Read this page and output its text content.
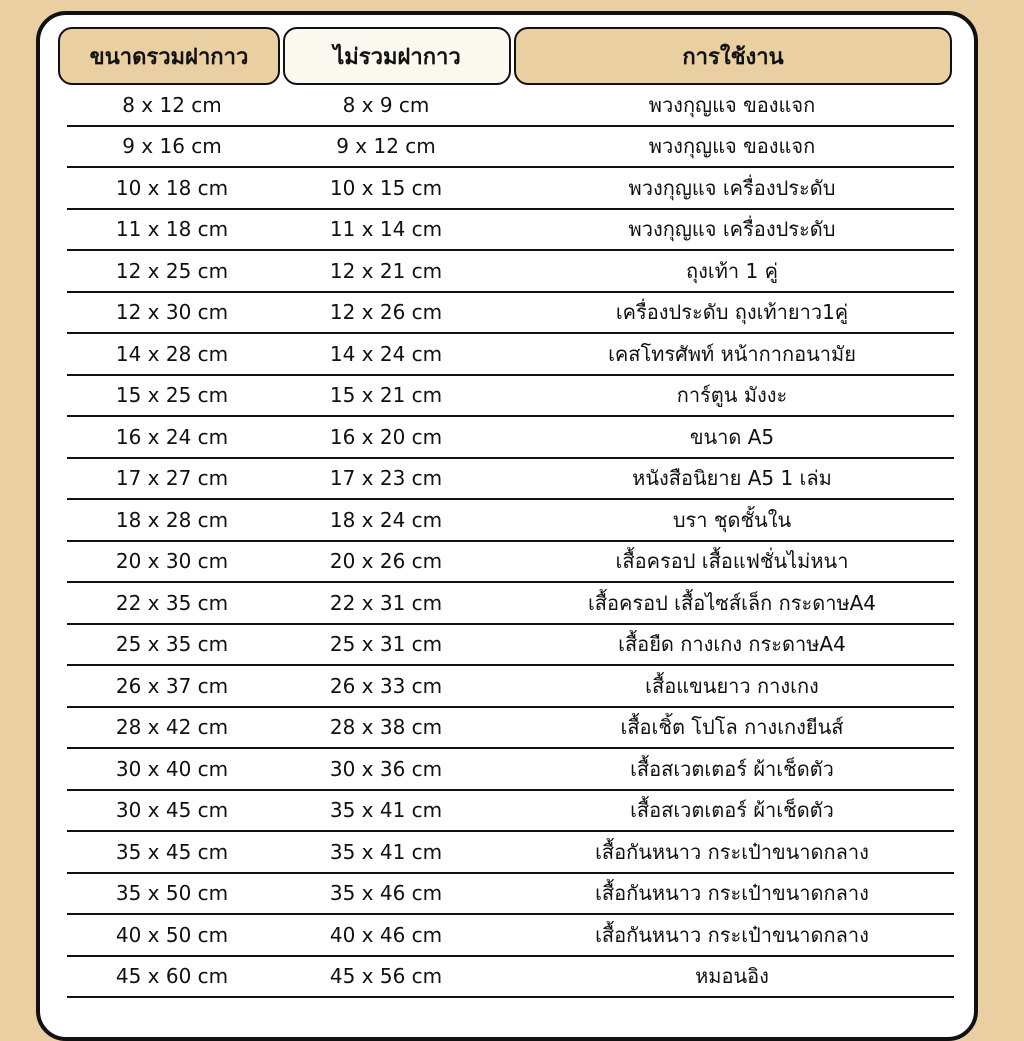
ขนาดรวมฝากาว	ไม่รวมฝากาว	การใช้งาน
8 x 12 cm	8 x 9 cm	พวงกุญแจ ของแจก
9 x 16 cm	9 x 12 cm	พวงกุญแจ ของแจก
10 x 18 cm	10 x 15 cm	พวงกุญแจ เครื่องประดับ
11 x 18 cm	11 x 14 cm	พวงกุญแจ เครื่องประดับ
12 x 25 cm	12 x 21 cm	ถุงเท้า 1 คู่
12 x 30 cm	12 x 26 cm	เครื่องประดับ ถุงเท้ายาว1คู่
14 x 28 cm	14 x 24 cm	เคสโทรศัพท์ หน้ากากอนามัย
15 x 25 cm	15 x 21 cm	การ์ตูน มังงะ
16 x 24 cm	16 x 20 cm	ขนาด A5
17 x 27 cm	17 x 23 cm	หนังสือนิยาย A5 1 เล่ม
18 x 28 cm	18 x 24 cm	บรา ชุดชั้นใน
20 x 30 cm	20 x 26 cm	เสื้อครอป เสื้อแฟชั่นไม่หนา
22 x 35 cm	22 x 31 cm	เสื้อครอป เสื้อไซส์เล็ก กระดาษA4
25 x 35 cm	25 x 31 cm	เสื้อยืด กางเกง กระดาษA4
26 x 37 cm	26 x 33 cm	เสื้อแขนยาว กางเกง
28 x 42 cm	28 x 38 cm	เสื้อเชิ้ต โปโล กางเกงยีนส์
30 x 40 cm	30 x 36 cm	เสื้อสเวตเตอร์ ผ้าเช็ดตัว
30 x 45 cm	35 x 41 cm	เสื้อสเวตเตอร์ ผ้าเช็ดตัว
35 x 45 cm	35 x 41 cm	เสื้อกันหนาว กระเป๋าขนาดกลาง
35 x 50 cm	35 x 46 cm	เสื้อกันหนาว กระเป๋าขนาดกลาง
40 x 50 cm	40 x 46 cm	เสื้อกันหนาว กระเป๋าขนาดกลาง
45 x 60 cm	45 x 56 cm	หมอนอิง
